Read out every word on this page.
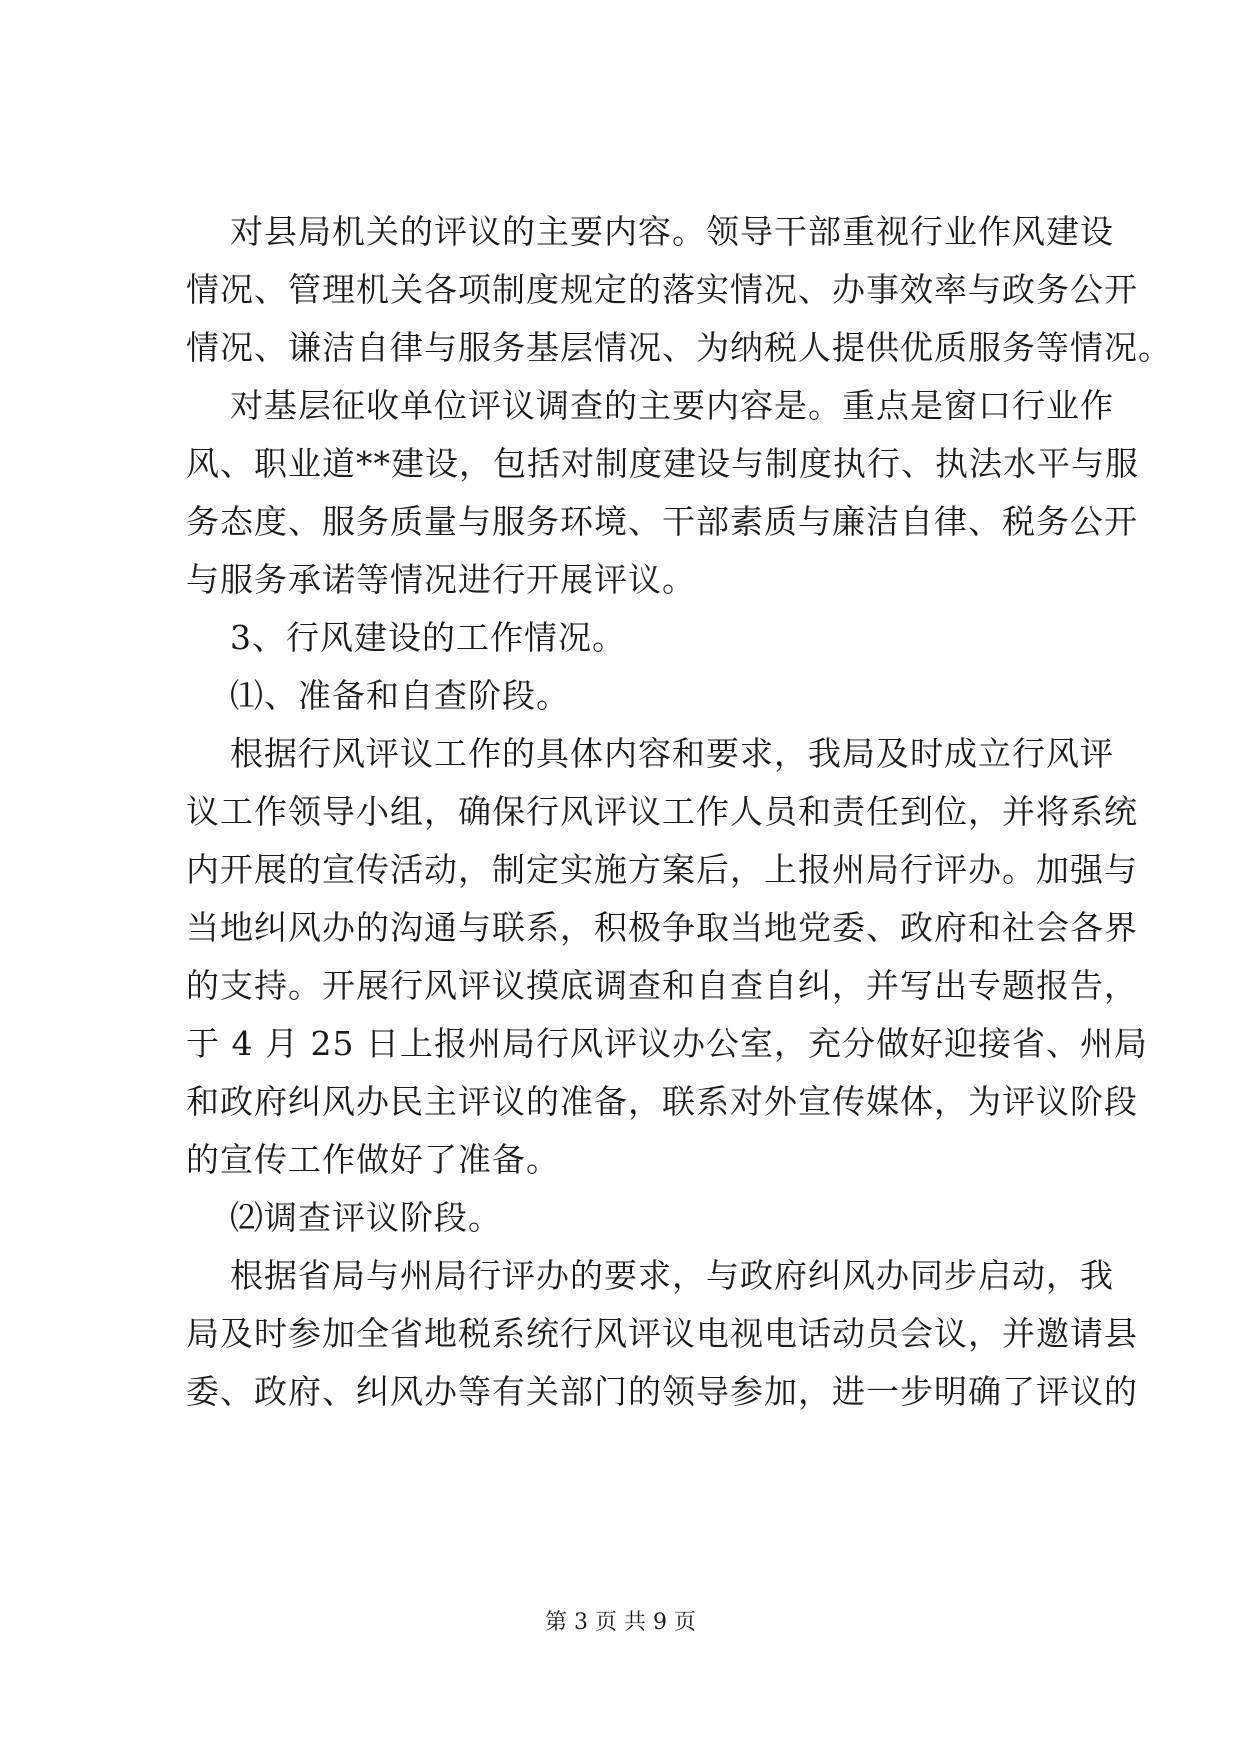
对县局机关的评议的主要内容。领导干部重视行业作风建设
情况、管理机关各项制度规定的落实情况、办事效率与政务公开
情况、谦洁自律与服务基层情况、为纳税人提供优质服务等情况。
对基层征收单位评议调查的主要内容是。重点是窗口行业作
风、职业道**建设，包括对制度建设与制度执行、执法水平与服
务态度、服务质量与服务环境、干部素质与廉洁自律、税务公开
与服务承诺等情况进行开展评议。
3、行风建设的工作情况。
⑴、准备和自查阶段。
根据行风评议工作的具体内容和要求，我局及时成立行风评
议工作领导小组，确保行风评议工作人员和责任到位，并将系统
内开展的宣传活动，制定实施方案后，上报州局行评办。加强与
当地纠风办的沟通与联系，积极争取当地党委、政府和社会各界
的支持。开展行风评议摸底调查和自查自纠，并写出专题报告，
于 4 月 25 日上报州局行风评议办公室，充分做好迎接省、州局
和政府纠风办民主评议的准备，联系对外宣传媒体，为评议阶段
的宣传工作做好了准备。
⑵调查评议阶段。
根据省局与州局行评办的要求，与政府纠风办同步启动，我
局及时参加全省地税系统行风评议电视电话动员会议，并邀请县
委、政府、纠风办等有关部门的领导参加，进一步明确了评议的
第 3 页 共 9 页
